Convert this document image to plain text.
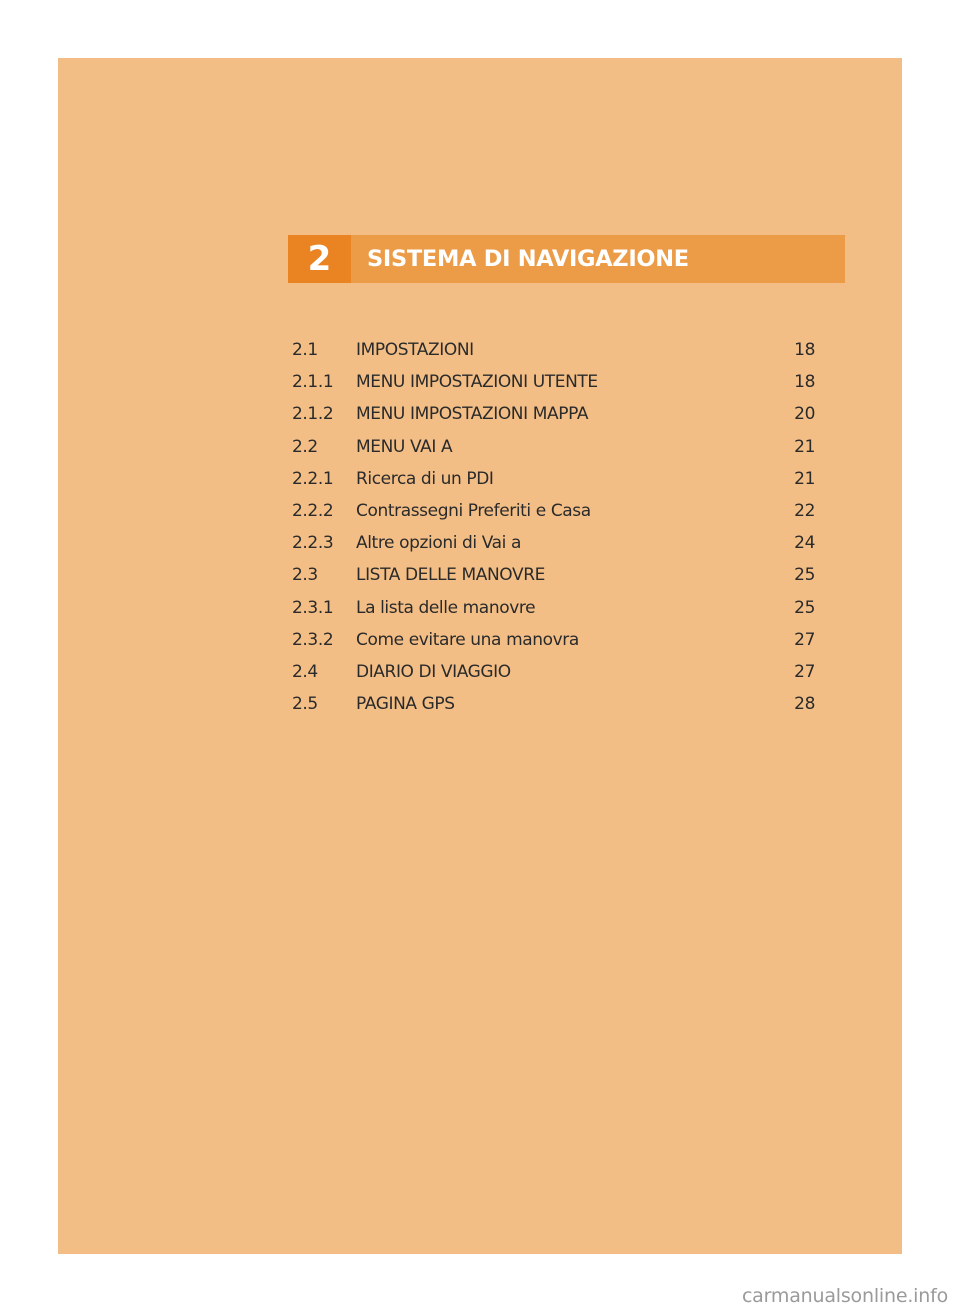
2	SISTEMA DI NAVIGAZIONE
2.1	IMPOSTAZIONI	18
2.1.1	MENU IMPOSTAZIONI UTENTE	18
2.1.2	MENU IMPOSTAZIONI MAPPA	20
2.2	MENU VAI A	21
2.2.1	Ricerca di un PDI	21
2.2.2	Contrassegni Preferiti e Casa	22
2.2.3	Altre opzioni di Vai a	24
2.3	LISTA DELLE MANOVRE	25
2.3.1	La lista delle manovre	25
2.3.2	Come evitare una manovra	27
2.4	DIARIO DI VIAGGIO	27
2.5	PAGINA GPS	28
carmanualsonline.info
